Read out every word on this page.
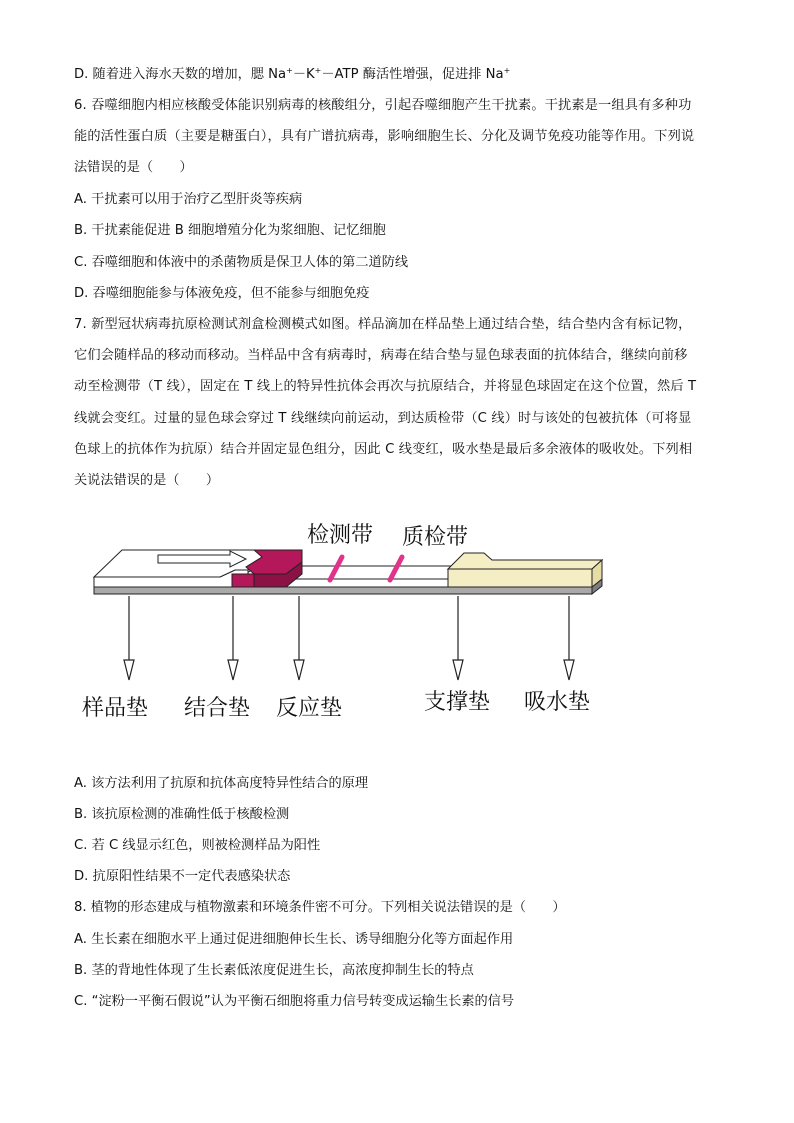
D. 随着进入海水天数的增加，腮 Na+－K+－ATP 酶活性增强，促进排 Na+
6. 吞噬细胞内相应核酸受体能识别病毒的核酸组分，引起吞噬细胞产生干扰素。干扰素是一组具有多种功
能的活性蛋白质（主要是糖蛋白），具有广谱抗病毒，影响细胞生长、分化及调节免疫功能等作用。下列说
法错误的是（　　）
A. 干扰素可以用于治疗乙型肝炎等疾病
B. 干扰素能促进 B 细胞增殖分化为浆细胞、记忆细胞
C. 吞噬细胞和体液中的杀菌物质是保卫人体的第二道防线
D. 吞噬细胞能参与体液免疫，但不能参与细胞免疫
7. 新型冠状病毒抗原检测试剂盒检测模式如图。样品滴加在样品垫上通过结合垫，结合垫内含有标记物，
它们会随样品的移动而移动。当样品中含有病毒时，病毒在结合垫与显色球表面的抗体结合，继续向前移
动至检测带（T 线），固定在 T 线上的特异性抗体会再次与抗原结合，并将显色球固定在这个位置，然后 T
线就会变红。过量的显色球会穿过 T 线继续向前运动，到达质检带（C 线）时与该处的包被抗体（可将显
色球上的抗体作为抗原）结合并固定显色组分，因此 C 线变红，吸水垫是最后多余液体的吸收处。下列相
关说法错误的是（　　）
检测带 质检带
样品垫 结合垫 反应垫	支撑垫 吸水垫
A. 该方法利用了抗原和抗体高度特异性结合的原理
B. 该抗原检测的准确性低于核酸检测
C. 若 C 线显示红色，则被检测样品为阳性
D. 抗原阳性结果不一定代表感染状态
8. 植物的形态建成与植物激素和环境条件密不可分。下列相关说法错误的是（　　）
A. 生长素在细胞水平上通过促进细胞伸长生长、诱导细胞分化等方面起作用
B. 茎的背地性体现了生长素低浓度促进生长，高浓度抑制生长的特点
C. “淀粉一平衡石假说”认为平衡石细胞将重力信号转变成运输生长素的信号
